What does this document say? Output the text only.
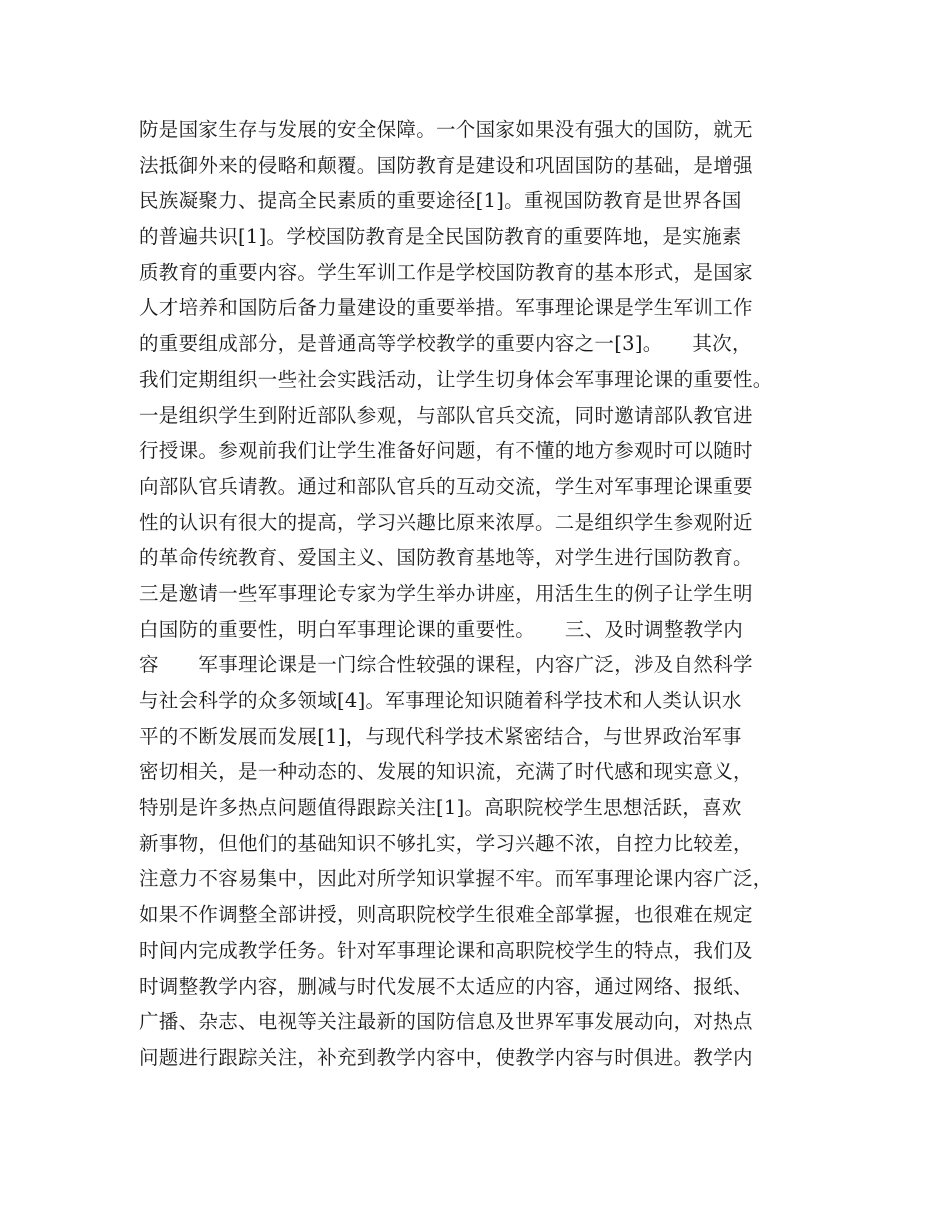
防是国家生存与发展的安全保障。一个国家如果没有强大的国防，就无
法抵御外来的侵略和颠覆。国防教育是建设和巩固国防的基础，是增强
民族凝聚力、提高全民素质的重要途径[1]。重视国防教育是世界各国
的普遍共识[1]。学校国防教育是全民国防教育的重要阵地，是实施素
质教育的重要内容。学生军训工作是学校国防教育的基本形式，是国家
人才培养和国防后备力量建设的重要举措。军事理论课是学生军训工作
的重要组成部分，是普通高等学校教学的重要内容之一[3]。　　其次，
我们定期组织一些社会实践活动，让学生切身体会军事理论课的重要性。
一是组织学生到附近部队参观，与部队官兵交流，同时邀请部队教官进
行授课。参观前我们让学生准备好问题，有不懂的地方参观时可以随时
向部队官兵请教。通过和部队官兵的互动交流，学生对军事理论课重要
性的认识有很大的提高，学习兴趣比原来浓厚。二是组织学生参观附近
的革命传统教育、爱国主义、国防教育基地等，对学生进行国防教育。
三是邀请一些军事理论专家为学生举办讲座，用活生生的例子让学生明
白国防的重要性，明白军事理论课的重要性。　　三、及时调整教学内
容　　军事理论课是一门综合性较强的课程，内容广泛，涉及自然科学
与社会科学的众多领域[4]。军事理论知识随着科学技术和人类认识水
平的不断发展而发展[1]，与现代科学技术紧密结合，与世界政治军事
密切相关，是一种动态的、发展的知识流，充满了时代感和现实意义，
特别是许多热点问题值得跟踪关注[1]。高职院校学生思想活跃，喜欢
新事物，但他们的基础知识不够扎实，学习兴趣不浓，自控力比较差，
注意力不容易集中，因此对所学知识掌握不牢。而军事理论课内容广泛，
如果不作调整全部讲授，则高职院校学生很难全部掌握，也很难在规定
时间内完成教学任务。针对军事理论课和高职院校学生的特点，我们及
时调整教学内容，删减与时代发展不太适应的内容，通过网络、报纸、
广播、杂志、电视等关注最新的国防信息及世界军事发展动向，对热点
问题进行跟踪关注，补充到教学内容中，使教学内容与时俱进。教学内
